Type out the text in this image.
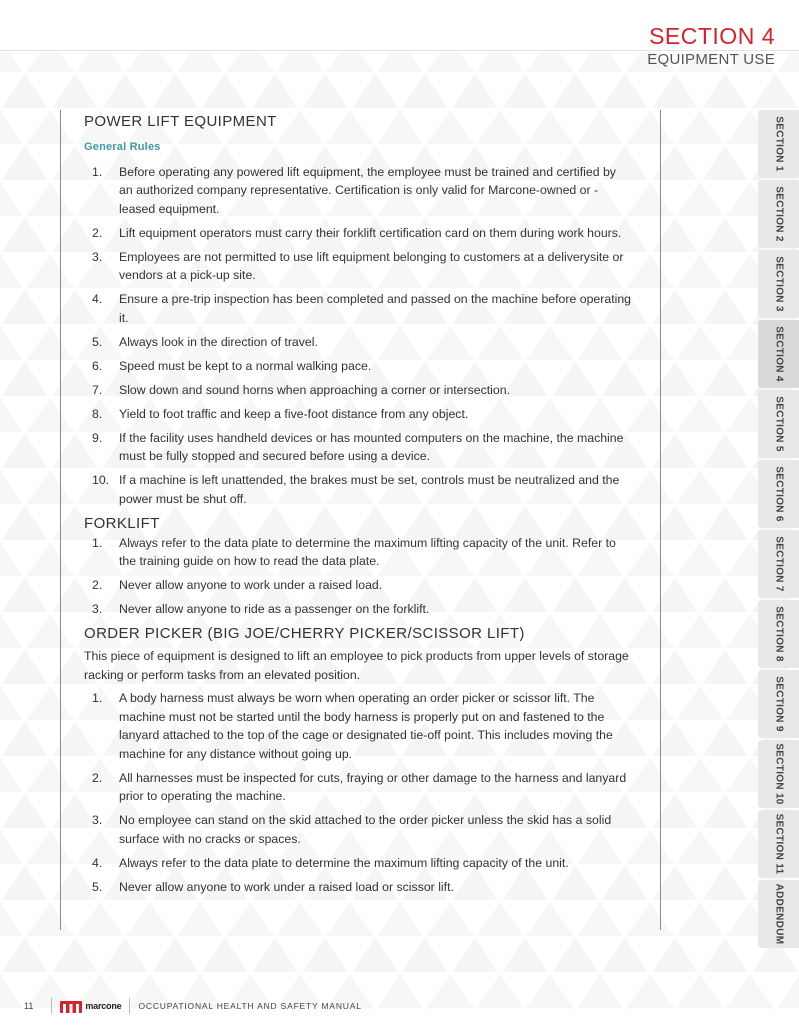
SECTION 4
EQUIPMENT USE
POWER LIFT EQUIPMENT
General Rules
1.	Before operating any powered lift equipment, the employee must be trained and certified by an authorized company representative. Certification is only valid for Marcone-owned or -leased equipment.
2.	Lift equipment operators must carry their forklift certification card on them during work hours.
3.	Employees are not permitted to use lift equipment belonging to customers at a deliverysite or vendors at a pick-up site.
4.	Ensure a pre-trip inspection has been completed and passed on the machine before operating it.
5.	Always look in the direction of travel.
6.	Speed must be kept to a normal walking pace.
7.	Slow down and sound horns when approaching a corner or intersection.
8.	Yield to foot traffic and keep a five-foot distance from any object.
9.	If the facility uses handheld devices or has mounted computers on the machine, the machine must be fully stopped and secured before using a device.
10. If a machine is left unattended, the brakes must be set, controls must be neutralized and the power must be shut off.
FORKLIFT
1.	Always refer to the data plate to determine the maximum lifting capacity of the unit. Refer to the training guide on how to read the data plate.
2.	Never allow anyone to work under a raised load.
3.	Never allow anyone to ride as a passenger on the forklift.
ORDER PICKER (BIG JOE/CHERRY PICKER/SCISSOR LIFT)

This piece of equipment is designed to lift an employee to pick products from upper levels of storage racking or perform tasks from an elevated position.

1.	A body harness must always be worn when operating an order picker or scissor lift. The machine must not be started until the body harness is properly put on and fastened to the lanyard attached to the top of the cage or designated tie-off point. This includes moving the machine for any distance without going up.
2.	All harnesses must be inspected for cuts, fraying or other damage to the harness and lanyard prior to operating the machine.
3.	No employee can stand on the skid attached to the order picker unless the skid has a solid surface with no cracks or spaces.
4.	Always refer to the data plate to determine the maximum lifting capacity of the unit.
5.	Never allow anyone to work under a raised load or scissor lift.
SECTION 1
SECTION 2
SECTION 3
SECTION 4
SECTION 5
SECTION 6
SECTION 7
SECTION 8
SECTION 9
SECTION 10
SECTION 11
ADDENDUM
11	marcone OCCUPATIONAL HEALTH AND SAFETY MANUAL
